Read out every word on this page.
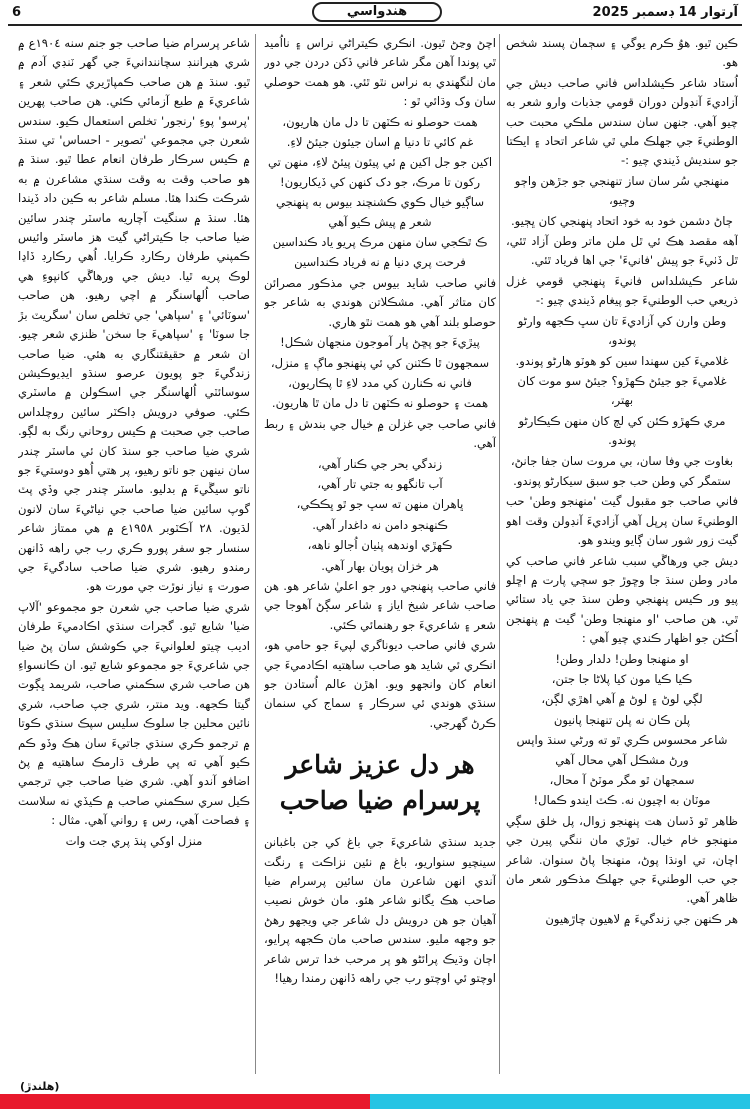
6	هندواسي	آرتوار 14 ڊسمبر 2025

ڪين ٿيو. هوُ ڪرم يوگي ۽ سڄمان پسند شخص هو.

اُستاد شاعر ڪيشلداس فاني صاحب ديش جي آزاديءَ آنڊولن دوران قومي جذبات وارو شعر به چيو آهي. جنهن سان سندس ملڪي محبت حب الوطنيءَ جي جهلڪ ملي ٿي شاعر اتحاد ۽ ايڪتا جو سنديش ڏيندي چيو :-

منهنجي سُر سان ساز تنهنجي جو جڙهن واڄو وڄيو،

ڄاڻ دشمن خود به خود اتحاد پنهنجي کان ڀڄيو.

آهه مقصد هڪ ئي ٿل ملن ماتر وطن آزاد ٿئي، ٿل ڏٺيءَ جو پيش 'فانيءَ' جي اها فرياد ٿئي.

شاعر ڪيشلداس فانيءَ پنهنجي قومي غزل ذريعي حب الوطنيءَ جو پيغام ڏيندي چيو :-

وطن وارن کي آزاديءَ تان سڀ ڪجهه وارڻو پوندو،

غلاميءَ کين سهندا سين کو هوٽو هارڻو پوندو.

غلاميءَ جو جيئڻ ڪهڙو؟ جيئڻ سو موت کان بهتر،

مري ڪهڙو ڪئن کي لڄ کان منهن ڪيڪارڻو پوندو.

بغاوت جي وفا سان، بي مروت سان جفا جانڻ،

ستمگر کي وطن حب جو سبق سيکارڻو پوندو.

فاني صاحب جو مقبول گيت 'منهنجو وطن' حب الوطنيءَ سان پرپل آهي آزاديءَ آنڊولن وقت اهو گيت زور شور سان ڳايو ويندو هو.

ديش جي ورهاڱي سبب شاعر فاني صاحب کي مادر وطن سنڌ جا وڇوڙ جو سڄي پارت ۾ اڇلو پيو ور ڪيس پنهنجي وطن سنڌ جي ياد ستائي ٿي. هن صاحب 'او منهنجا وطن' گيت ۾ پنهنجن اُڪڻن جو اظهار ڪندي چيو آهي :

او منهنجا وطن! دلدار وطن!

ڪيا ڪيا مون کيا پلاڻا جا جتن،

لڳي لوڻ ۽ لوڻ ۾ آهي اهڙي لڳن،

پلن ڪان نه پلن تنهنجا پانيون

شاعر محسوس ڪري ٿو ته ورڻي سنڌ واپس ورڻ مشڪل آهي محال آهي

سمجهان ٿو مگر موٽڻ آ محال،

موٽان به اچيون نه. ڪٽ ايندو ڪمال!

ظاهر ٿو ڏسان هت پنهنجو زوال، پل خلق سڳي منهنجو خام خيال. توڙي مان ننگي پيرن جي اچان، تي اونڌا پوڻ، منهنجا پاڻ سنوان. شاعر جي حب الوطنيءَ جي جهلڪ مذڪور شعر مان ظاهر آهي.

هر ڪنهن جي زندگيءَ ۾ لاهيون چاڙهيون

اچڻ وڃڻ ٿيون. انڪري ڪيتراڻي نراس ۽ نااُميد ٿي پوندا آهن مگر شاعر فاني ڏکن دردن جي دور مان لنگهندي به نراس نٿو ٿئي. هو همت حوصلي سان وک وڌائي ٿو :

همت حوصلو نه ڪٽهن تا دل مان هاريون،

غم کائي تا دنيا ۾ اسان جيئون جيئڻ لاءِ.

اکين جو جل اکين ۾ ئي پيئون پيئڻ لاءِ، منهن تي رکون تا مرڪ، جو دک کنهن کي ڏيکاريون!

ساڳيو خيال ڪوي ڪشنچند بيوس به پنهنجي شعر ۾ پيش ڪيو آهي

ڪ ٿڪجي سان منهن مرڪ پريو ياد ڪنداسين

فرحت پري دنيا ۾ نه فرياد ڪنداسين

فاني صاحب شايد بيوس جي مذڪور مصرائن کان متاثر آهي. مشڪلاتن هوندي به شاعر جو حوصلو بلند آهي هو همت نٿو هاري.

پيڙيءَ جو پڇڻ پار آموجون منجهان شڪل!

سمجهون ٿا ڪٽنن کي ئي پنهنجو ماڳ ۽ منزل،

فاني نه ڪنارن کي مدد لاءِ ٿا پڪاريون،

همت ۽ حوصلو نه ڪٽهن تا دل مان ٿا هاريون.

فاني صاحب جي غزلن ۾ خيال جي بندش ۽ ربط آهي.

زندگي بحر جي ڪنار آهي،

آب تانگهو به جتي تار آهي،

ڀاهران منهن ته سڀ جو ٿو ڀڪڪي،

ڪنهنجو دامن نه داغدار آهي.

ڪهڙي اوندهه پٺيان اُجالو ناهه،

هر خزان پويان بهار آهي.

فاني صاحب پنهنجي دور جو اعليٰ شاعر هو. هن صاحب شاعر شيخ اياز ۽ شاعر سڳڻ آهوجا جي شعر ۽ شاعريءَ جو رهنمائي ڪئي.

شري فاني صاحب ديوناگري لپيءَ جو حامي هو، انڪري ئي شايد هو صاحب ساهتيه اڪادميءَ جي انعام کان وانجهو ويو. اهڙن عالم اُستادن جو سنڌي هوندي ئي سرڪار ۽ سماج کي سنمان ڪرڻ گهرجي.

هر دل عزيز شاعر پرسرام ضيا صاحب

جديد سنڌي شاعريءَ جي باغ کي جن باغبانن سينچيو سنواريو، باغ ۾ نئين نزاڪت ۽ رنگت آندي انهن شاعرن مان سائين پرسرام ضيا صاحب هڪ يگانو شاعر هئو. مان خوش نصيب آهيان جو هن درويش دل شاعر جي ويجهو رهڻ جو وجهه مليو. سندس صاحب مان ڪجهه پرايو، اڄان وڌيڪ پرائڻو هو پر مرحب خدا ترس شاعر اوچتو ئي اوچتو رب جي راهه ڏانهن رمندا رهيا!

شاعر پرسرام ضيا صاحب جو جنم سنه ١٩٠٤ع ۾ شري هيراننڊ سچانندانيءَ جي گهر ٽنڊي آدم ۾ ٿيو. سنڌ ۾ هن صاحب ڪمپاڙيري ڪئي شعر ۽ شاعريءَ ۾ طبع آزمائي ڪئي. هن صاحب پهرين 'پرسو' پوءِ 'رنجور' تخلص استعمال ڪيو. سندس شعرن جي مجموعي 'تصوير - احساس' تي سنڌ ۾ ڪيس سرڪار طرفان انعام عطا ٿيو. سنڌ ۾ هو صاحب وقت به وقت سنڌي مشاعرن ۾ به شرڪت ڪندا هئا. مسلم شاعر به ڪين داد ڏيندا هئا. سنڌ ۾ سنگيت آچاريه ماسٽر چندر سائين ضيا صاحب جا ڪيتراڻي گيت هز ماسٽر وائيس ڪمپني طرفان رڪارڊ ڪرايا. اُهي رڪارڊ ڏاڍا لوڪ پريه ٿيا. ديش جي ورهاڱي کانپوءِ هي صاحب اُلهاسنگر ۾ اچي رهيو. هن صاحب 'سوٽائي' ۽ 'سپاهي' جي تخلص سان 'سگريٽ بڙ جا سوٽا' ۽ 'سپاهيءَ جا سخن' ظنزي شعر چيو. ان شعر ۾ حقيقتنگاري به هئي. ضيا صاحب زندگيءَ جو پويون عرصو سنڌو ايڊيوڪيشن سوسائٽي اُلهاسنگر جي اسڪولن ۾ ماسٽري ڪئي. صوفي درويش ڊاڪٽر سائين روچلداس صاحب جي صحبت ۾ ڪيس روحاني رنگ به لڳو. شري ضيا صاحب جو سنڌ کان ئي ماسٽر چندر سان نينهن جو ناتو رهيو، پر هتي اُهو دوستيءَ جو ناتو سيڱيءَ ۾ بدليو. ماسٽر چندر جي وڏي پٽ گوپ سائين ضيا صاحب جي نياڻيءَ سان لانون لڌيون. ٢٨ آڪٽوبر ١٩٥٨ع ۾ هي ممتاز شاعر سنسار جو سفر پورو ڪري رب جي راهه ڏانهن رمندو رهيو. شري ضيا صاحب سادگيءَ جي صورت ۽ نياز نوڙت جي مورت هو.

شري ضيا صاحب جي شعرن جو مجموعو 'آلاپ ضيا' شايع ٿيو. گجرات سنڌي اڪادميءَ طرفان اديب چيتو لعلوانيءَ جي ڪوشش سان پڻ ضيا جي شاعريءَ جو مجموعو شايع ٿيو. ان ڪانسواءِ هن صاحب شري سڪمني صاحب، شريمد ڀڳوت گيتا ڪجهه. ويد منتر، شري جپ صاحب، شري نائين محلين جا سلوڪ سليس سپڪ سنڌي ڪوتا ۾ ترجمو ڪري سنڌي جاتيءَ سان هڪ وڏو ڪم ڪيو آهي ته پي طرف ڌارمڪ ساهتيه ۾ پڻ اضافو آندو آهي. شري ضيا صاحب جي ترجمي ڪيل سري سڪمني صاحب ۾ ڪيڏي نه سلاست ۽ فصاحت آهي، رس ۽ رواني آهي. مثال :

منزل اوکي پنڌ پري جت وات

(هلندڙ)
